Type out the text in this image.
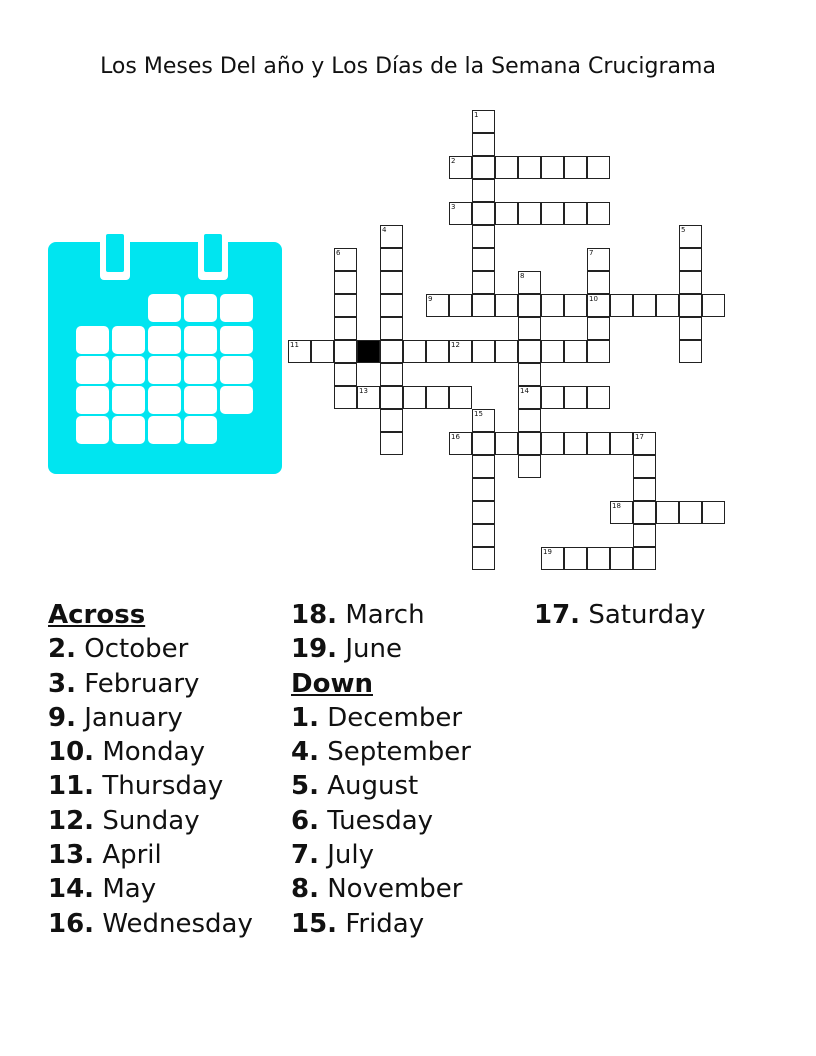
Los Meses Del año y Los Días de la Semana Crucigrama
1
2
3
4	5
6	7
8
9	10
11	12
13	14
15
16	17
18
19
Across
2. October
3. February
9. January
10. Monday
11. Thursday
12. Sunday
13. April
14. May
16. Wednesday
18. March
19. June
Down
1. December
4. September
5. August
6. Tuesday
7. July
8. November
15. Friday
17. Saturday
